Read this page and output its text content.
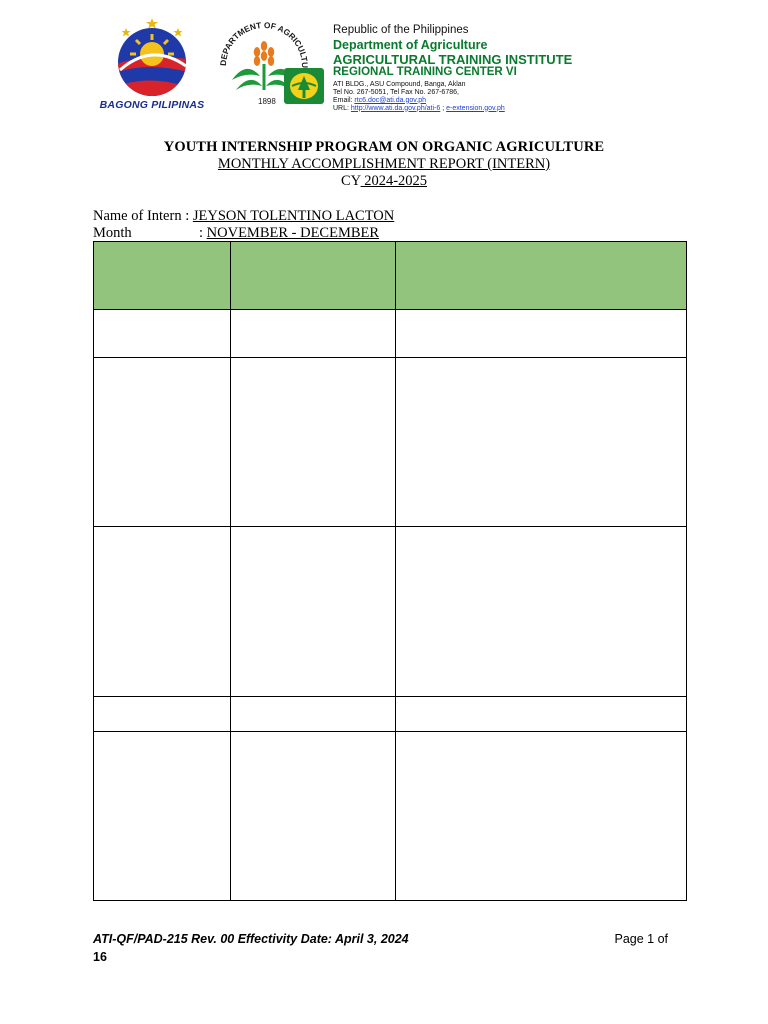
BAGONG PILIPINAS
DEPARTMENT OF AGRICULTU
1898
Republic of the Philippines
Department of Agriculture
AGRICULTURAL TRAINING INSTITUTE
REGIONAL TRAINING CENTER VI
ATI BLDG., ASU Compound, Banga, Aklan
Tel No. 267-5051, Tel Fax No. 267-6786,
Email: rtc6.doc@ati.da.gov.ph
URL: http://www.ati.da.gov.ph/ati-6 ; e-extension.gov.ph
YOUTH INTERNSHIP PROGRAM ON ORGANIC AGRICULTURE
MONTHLY ACCOMPLISHMENT REPORT (INTERN)
CY 2024-2025
Name of Intern : JEYSON TOLENTINO LACTON
Month	: NOVEMBER - DECEMBER

ATI-QF/PAD-215 Rev. 00 Effectivity Date: April 3, 2024	Page 1 of
16
